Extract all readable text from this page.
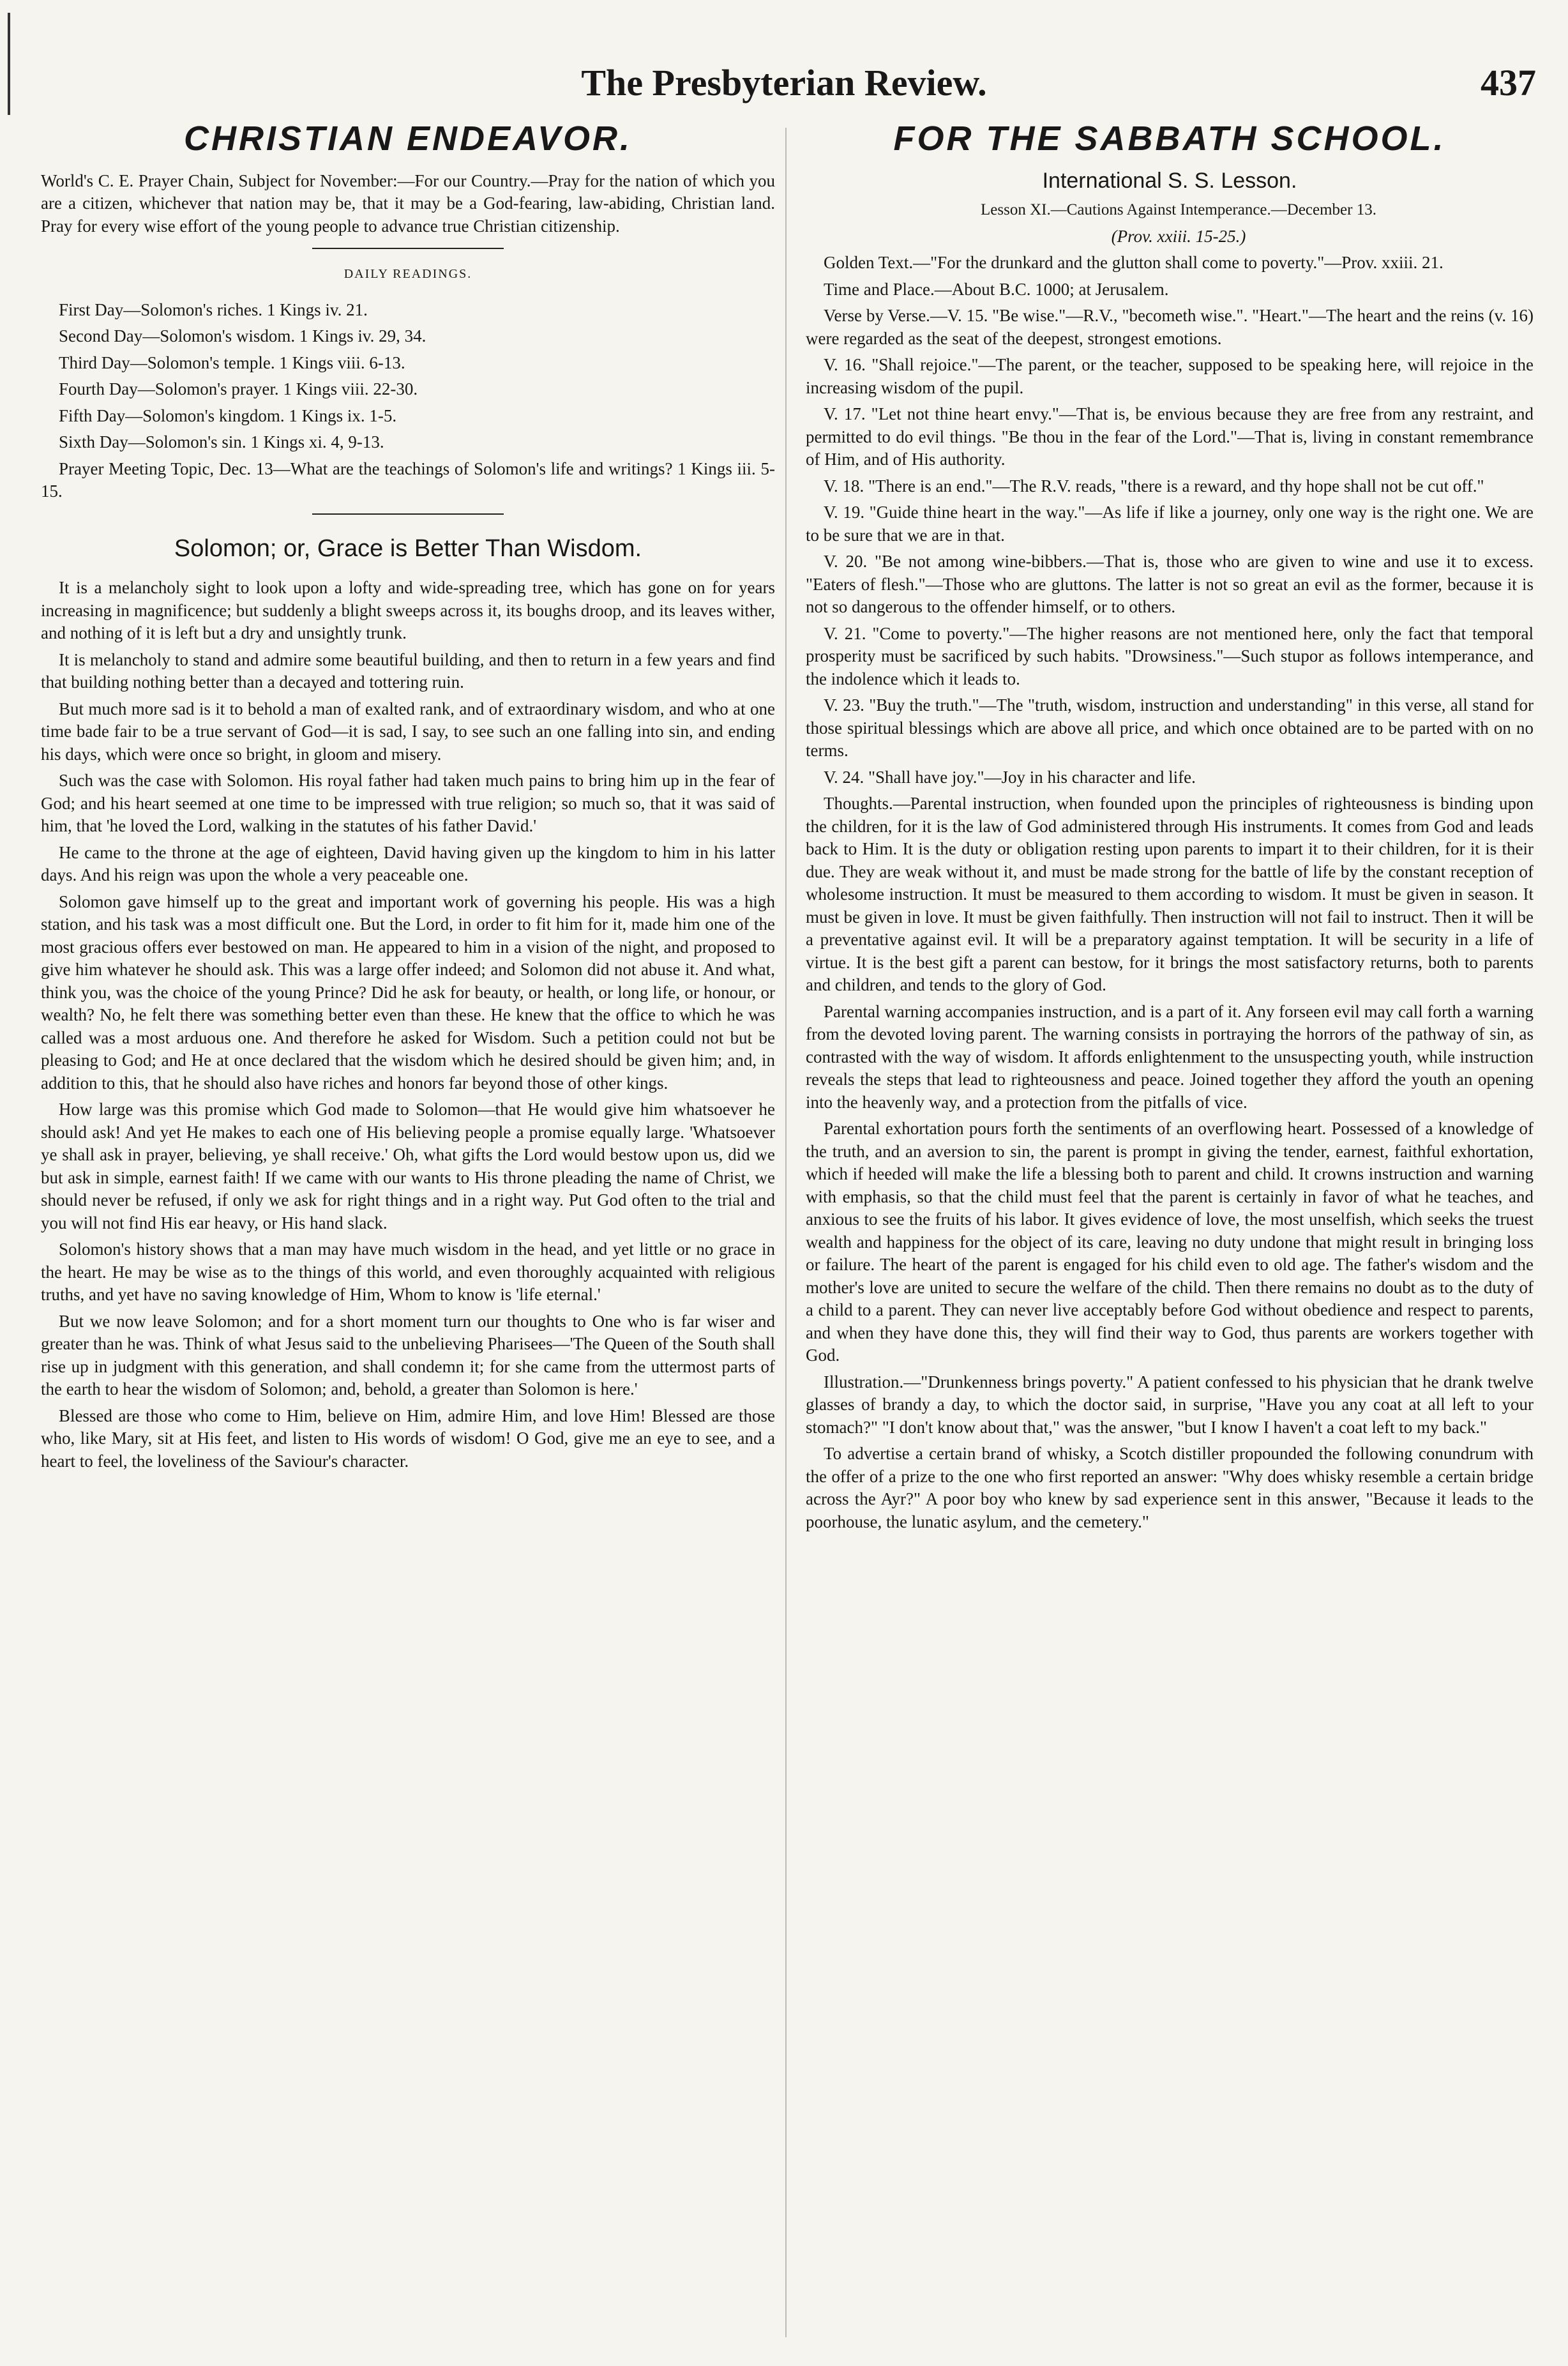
The Presbyterian Review.	437
CHRISTIAN ENDEAVOR.

World's C. E. Prayer Chain, Subject for November:—For our Country.—Pray for the nation of which you are a citizen, whichever that nation may be, that it may be a God-fearing, law-abiding, Christian land. Pray for every wise effort of the young people to advance true Christian citizenship.

DAILY READINGS.

First Day—Solomon's riches. 1 Kings iv. 21.

Second Day—Solomon's wisdom. 1 Kings iv. 29, 34.

Third Day—Solomon's temple. 1 Kings viii. 6-13.

Fourth Day—Solomon's prayer. 1 Kings viii. 22-30.

Fifth Day—Solomon's kingdom. 1 Kings ix. 1-5.

Sixth Day—Solomon's sin. 1 Kings xi. 4, 9-13.

Prayer Meeting Topic, Dec. 13—What are the teachings of Solomon's life and writings? 1 Kings iii. 5-15.

Solomon; or, Grace is Better Than Wisdom.

It is a melancholy sight to look upon a lofty and wide-spreading tree, which has gone on for years increasing in magnificence; but suddenly a blight sweeps across it, its boughs droop, and its leaves wither, and nothing of it is left but a dry and unsightly trunk.

It is melancholy to stand and admire some beautiful building, and then to return in a few years and find that building nothing better than a decayed and tottering ruin.

But much more sad is it to behold a man of exalted rank, and of extraordinary wisdom, and who at one time bade fair to be a true servant of God—it is sad, I say, to see such an one falling into sin, and ending his days, which were once so bright, in gloom and misery.

Such was the case with Solomon. His royal father had taken much pains to bring him up in the fear of God; and his heart seemed at one time to be impressed with true religion; so much so, that it was said of him, that 'he loved the Lord, walking in the statutes of his father David.'

He came to the throne at the age of eighteen, David having given up the kingdom to him in his latter days. And his reign was upon the whole a very peaceable one.

Solomon gave himself up to the great and important work of governing his people. His was a high station, and his task was a most difficult one. But the Lord, in order to fit him for it, made him one of the most gracious offers ever bestowed on man. He appeared to him in a vision of the night, and proposed to give him whatever he should ask. This was a large offer indeed; and Solomon did not abuse it. And what, think you, was the choice of the young Prince? Did he ask for beauty, or health, or long life, or honour, or wealth? No, he felt there was something better even than these. He knew that the office to which he was called was a most arduous one. And therefore he asked for Wisdom. Such a petition could not but be pleasing to God; and He at once declared that the wisdom which he desired should be given him; and, in addition to this, that he should also have riches and honors far beyond those of other kings.

How large was this promise which God made to Solomon—that He would give him whatsoever he should ask! And yet He makes to each one of His believing people a promise equally large. 'Whatsoever ye shall ask in prayer, believing, ye shall receive.' Oh, what gifts the Lord would bestow upon us, did we but ask in simple, earnest faith! If we came with our wants to His throne pleading the name of Christ, we should never be refused, if only we ask for right things and in a right way. Put God often to the trial and you will not find His ear heavy, or His hand slack.

Solomon's history shows that a man may have much wisdom in the head, and yet little or no grace in the heart. He may be wise as to the things of this world, and even thoroughly acquainted with religious truths, and yet have no saving knowledge of Him, Whom to know is 'life eternal.'

But we now leave Solomon; and for a short moment turn our thoughts to One who is far wiser and greater than he was. Think of what Jesus said to the unbelieving Pharisees—'The Queen of the South shall rise up in judgment with this generation, and shall condemn it; for she came from the uttermost parts of the earth to hear the wisdom of Solomon; and, behold, a greater than Solomon is here.'

Blessed are those who come to Him, believe on Him, admire Him, and love Him! Blessed are those who, like Mary, sit at His feet, and listen to His words of wisdom! O God, give me an eye to see, and a heart to feel, the loveliness of the Saviour's character.

FOR THE SABBATH SCHOOL.
International S. S. Lesson.

Lesson XI.—Cautions Against Intemperance.—December 13.

(Prov. xxiii. 15-25.)

Golden Text.—"For the drunkard and the glutton shall come to poverty."—Prov. xxiii. 21.

Time and Place.—About B.C. 1000; at Jerusalem.

Verse by Verse.—V. 15. "Be wise."—R.V., "becometh wise.". "Heart."—The heart and the reins (v. 16) were regarded as the seat of the deepest, strongest emotions.

V. 16. "Shall rejoice."—The parent, or the teacher, supposed to be speaking here, will rejoice in the increasing wisdom of the pupil.

V. 17. "Let not thine heart envy."—That is, be envious because they are free from any restraint, and permitted to do evil things. "Be thou in the fear of the Lord."—That is, living in constant remembrance of Him, and of His authority.

V. 18. "There is an end."—The R.V. reads, "there is a reward, and thy hope shall not be cut off."

V. 19. "Guide thine heart in the way."—As life if like a journey, only one way is the right one. We are to be sure that we are in that.

V. 20. "Be not among wine-bibbers.—That is, those who are given to wine and use it to excess. "Eaters of flesh."—Those who are gluttons. The latter is not so great an evil as the former, because it is not so dangerous to the offender himself, or to others.

V. 21. "Come to poverty."—The higher reasons are not mentioned here, only the fact that temporal prosperity must be sacrificed by such habits. "Drowsiness."—Such stupor as follows intemperance, and the indolence which it leads to.

V. 23. "Buy the truth."—The "truth, wisdom, instruction and understanding" in this verse, all stand for those spiritual blessings which are above all price, and which once obtained are to be parted with on no terms.

V. 24. "Shall have joy."—Joy in his character and life.

Thoughts.—Parental instruction, when founded upon the principles of righteousness is binding upon the children, for it is the law of God administered through His instruments. It comes from God and leads back to Him. It is the duty or obligation resting upon parents to impart it to their children, for it is their due. They are weak without it, and must be made strong for the battle of life by the constant reception of wholesome instruction. It must be measured to them according to wisdom. It must be given in season. It must be given in love. It must be given faithfully. Then instruction will not fail to instruct. Then it will be a preventative against evil. It will be a preparatory against temptation. It will be security in a life of virtue. It is the best gift a parent can bestow, for it brings the most satisfactory returns, both to parents and children, and tends to the glory of God.

Parental warning accompanies instruction, and is a part of it. Any forseen evil may call forth a warning from the devoted loving parent. The warning consists in portraying the horrors of the pathway of sin, as contrasted with the way of wisdom. It affords enlightenment to the unsuspecting youth, while instruction reveals the steps that lead to righteousness and peace. Joined together they afford the youth an opening into the heavenly way, and a protection from the pitfalls of vice.

Parental exhortation pours forth the sentiments of an overflowing heart. Possessed of a knowledge of the truth, and an aversion to sin, the parent is prompt in giving the tender, earnest, faithful exhortation, which if heeded will make the life a blessing both to parent and child. It crowns instruction and warning with emphasis, so that the child must feel that the parent is certainly in favor of what he teaches, and anxious to see the fruits of his labor. It gives evidence of love, the most unselfish, which seeks the truest wealth and happiness for the object of its care, leaving no duty undone that might result in bringing loss or failure. The heart of the parent is engaged for his child even to old age. The father's wisdom and the mother's love are united to secure the welfare of the child. Then there remains no doubt as to the duty of a child to a parent. They can never live acceptably before God without obedience and respect to parents, and when they have done this, they will find their way to God, thus parents are workers together with God.

Illustration.—"Drunkenness brings poverty." A patient confessed to his physician that he drank twelve glasses of brandy a day, to which the doctor said, in surprise, "Have you any coat at all left to your stomach?" "I don't know about that," was the answer, "but I know I haven't a coat left to my back."

To advertise a certain brand of whisky, a Scotch distiller propounded the following conundrum with the offer of a prize to the one who first reported an answer: "Why does whisky resemble a certain bridge across the Ayr?" A poor boy who knew by sad experience sent in this answer, "Because it leads to the poorhouse, the lunatic asylum, and the cemetery."
